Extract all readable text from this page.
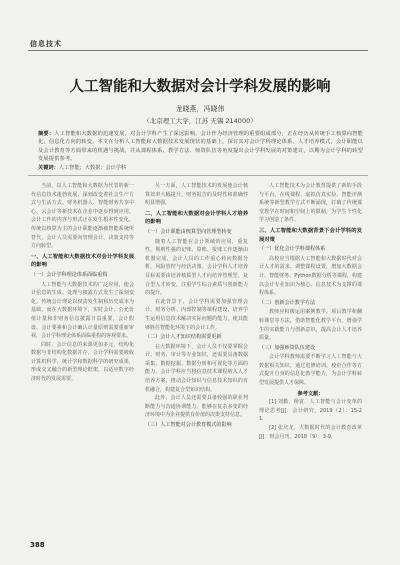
信息技术
人工智能和大数据对会计学科发展的影响
龙晓燕，冯晓伟
（北京理工大学，江苏 无锡 214000）
摘要：人工智能和大数据的迅速发展，对会计学科产生了深远影响。会计作为经济管理的重要组成部分，正在经历从传统手工核算向智能化、信息化方向的转变。本文在分析人工智能和大数据技术发展现状的基础上，探讨其对会计学科理论体系、人才培养模式、会计职能以及会计教育等方面带来的机遇与挑战，并从课程体系、教学方法、师资队伍等角度提出会计学科发展的对策建议，以期为会计学科的转型发展提供参考。
关键词：人工智能；大数据；会计学科

当前，以人工智能和大数据为代表的新一代信息技术蓬勃发展，深刻改变着社会生产方式与生活方式。财务机器人、智能财务共享中心、云会计等新技术在企业中逐步得到应用，会计工作的内容与形式正在发生根本性变化。传统以核算为主的会计职能逐渐被智能系统所替代，会计人员需要向管理会计、决策支持等方向转型。

一、人工智能和大数据技术对会计学科发展的影响
（一）会计学科理论体系面临重构

人工智能与大数据技术的广泛应用，使会计信息的生成、处理与披露方式发生了深刻变化。传统会计理论以权责发生制和历史成本为基础，而在大数据环境下，实时会计、公允价值计量和非财务信息披露日益重要，会计假设、会计要素和会计确认计量原则需要重新审视，会计学科理论体系面临重构的客观要求。

同时，会计信息的来源更加多元，结构化数据与非结构化数据并存，会计学科需要吸收计算机科学、统计学和数据科学的研究成果，形成交叉融合的新型理论框架，以适应数字经济时代的发展需要。

另一方面，人工智能技术的发展使会计核算效率大幅提升，财务报告的及时性和准确性明显增强。

二、人工智能和大数据对会计学科人才培养的影响
（一）会计职能由核算型向管理型转变

随着人工智能在会计领域的应用，重复性、规则性强的记账、算账、报账工作逐渐由机器完成，会计人员的工作重心转向数据分析、风险管控与经营决策。会计学科人才培养目标需要由培养核算型人才向培养管理型、复合型人才转变，注重学生综合素质与创新能力的提升。

在此背景下，会计学科需要加强管理会计、财务分析、内部控制等课程建设，培养学生运用信息技术解决实际问题的能力，使其能够胜任智能化环境下的会计工作。

（二）会计人才知识结构需要更新

在大数据环境下，会计人员不仅要掌握会计、财务、审计等专业知识，还需要具备数据采集、数据挖掘、数据分析和可视化等方面的能力。会计学科应当将信息技术课程纳入人才培养方案，推动会计知识与信息技术知识的有机融合，构建复合型知识结构。

此外，会计人员还需要具备较强的职业判断能力与沟通协调能力，能够在复杂多变的经济环境中为企业提供有价值的决策支持信息。

（三）人工智能对会计教育模式的影响

人工智能技术为会计教育提供了新的手段与平台。在线课程、虚拟仿真实验、智能评测系统等新型教学方式不断涌现，打破了传统课堂教学在时间和空间上的限制，为学生个性化学习创造了条件。

三、人工智能和大数据背景下会计学科的发展对策
（一）优化会计学科课程体系

高校应当根据人工智能和大数据时代对会计人才的需求，调整课程设置，增加大数据会计、智能财务、Python数据分析等课程，构建以会计专业知识为核心、信息技术为支撑的课程体系。

（二）创新会计教学方法

教师应积极运用案例教学、项目教学和翻转课堂等方法，借助智能化教学平台，增强学生的实践能力与创新意识，提高会计人才培养质量。

（三）加强师资队伍建设

会计学科教师需要不断学习人工智能与大数据相关知识，通过进修培训、校企合作等方式提升自身的信息化教学能力，为会计学科转型发展提供人才保障。

参考文献：

[1] 刘勤，杨寅．人工智能与会计变革的理论思考[J]．会计研究，2019（2）：15-21．

[2] 张庆龙．大数据时代的会计教育改革[J]．财会月刊，2018（9）：3-9．

388
